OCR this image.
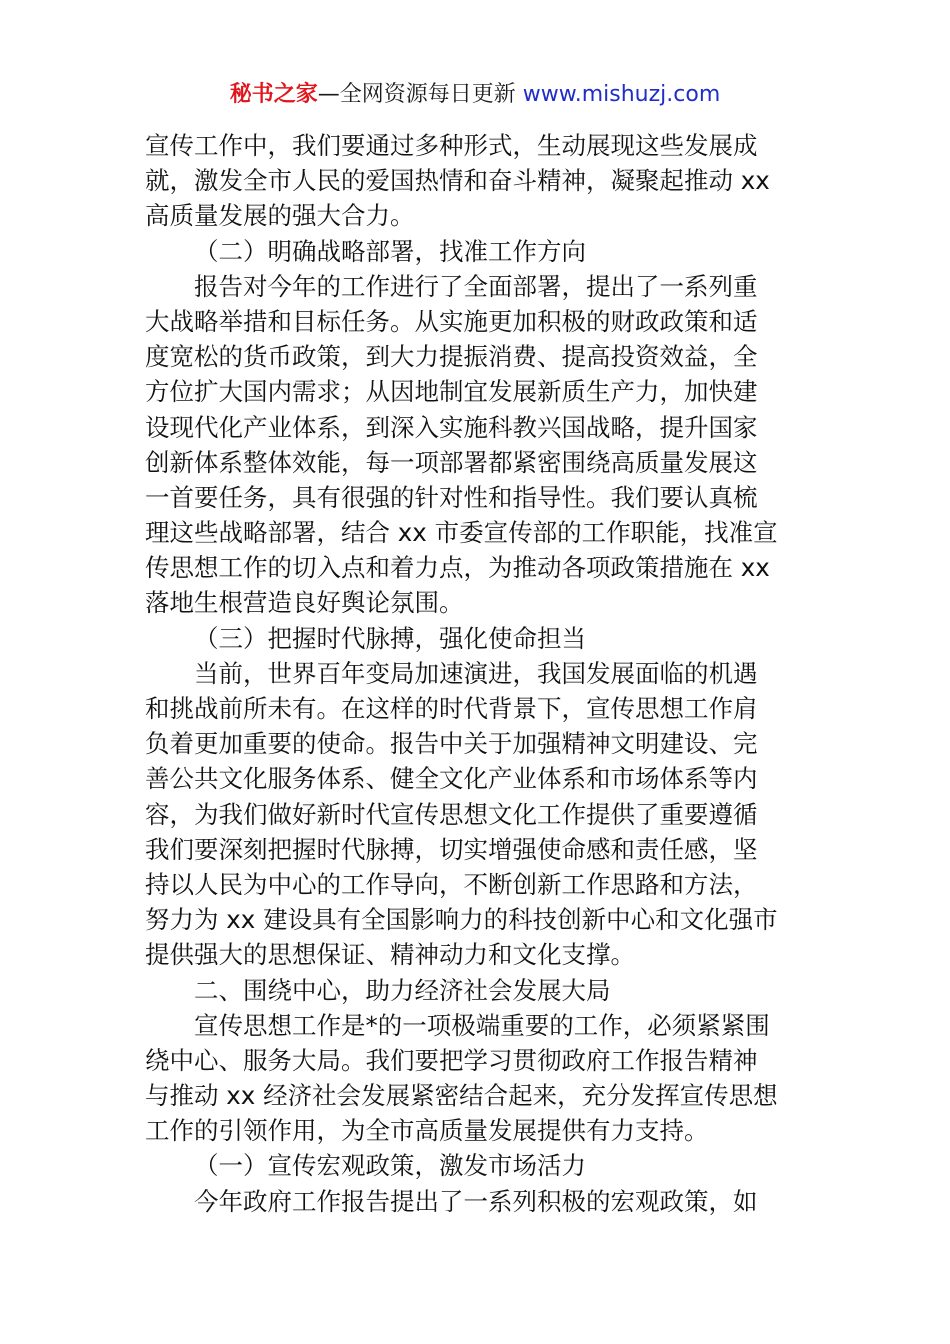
秘书之家—全网资源每日更新 www.mishuzj.com
宣传工作中，我们要通过多种形式，生动展现这些发展成
就，激发全市人民的爱国热情和奋斗精神，凝聚起推动 xx
高质量发展的强大合力。
（二）明确战略部署，找准工作方向
报告对今年的工作进行了全面部署，提出了一系列重
大战略举措和目标任务。从实施更加积极的财政政策和适
度宽松的货币政策，到大力提振消费、提高投资效益，全
方位扩大国内需求；从因地制宜发展新质生产力，加快建
设现代化产业体系，到深入实施科教兴国战略，提升国家
创新体系整体效能，每一项部署都紧密围绕高质量发展这
一首要任务，具有很强的针对性和指导性。我们要认真梳
理这些战略部署，结合 xx 市委宣传部的工作职能，找准宣
传思想工作的切入点和着力点，为推动各项政策措施在 xx
落地生根营造良好舆论氛围。
（三）把握时代脉搏，强化使命担当
当前，世界百年变局加速演进，我国发展面临的机遇
和挑战前所未有。在这样的时代背景下，宣传思想工作肩
负着更加重要的使命。报告中关于加强精神文明建设、完
善公共文化服务体系、健全文化产业体系和市场体系等内
容，为我们做好新时代宣传思想文化工作提供了重要遵循
我们要深刻把握时代脉搏，切实增强使命感和责任感，坚
持以人民为中心的工作导向，不断创新工作思路和方法，
努力为 xx 建设具有全国影响力的科技创新中心和文化强市
提供强大的思想保证、精神动力和文化支撑。
二、围绕中心，助力经济社会发展大局
宣传思想工作是*的一项极端重要的工作，必须紧紧围
绕中心、服务大局。我们要把学习贯彻政府工作报告精神
与推动 xx 经济社会发展紧密结合起来，充分发挥宣传思想
工作的引领作用，为全市高质量发展提供有力支持。
（一）宣传宏观政策，激发市场活力
今年政府工作报告提出了一系列积极的宏观政策，如
